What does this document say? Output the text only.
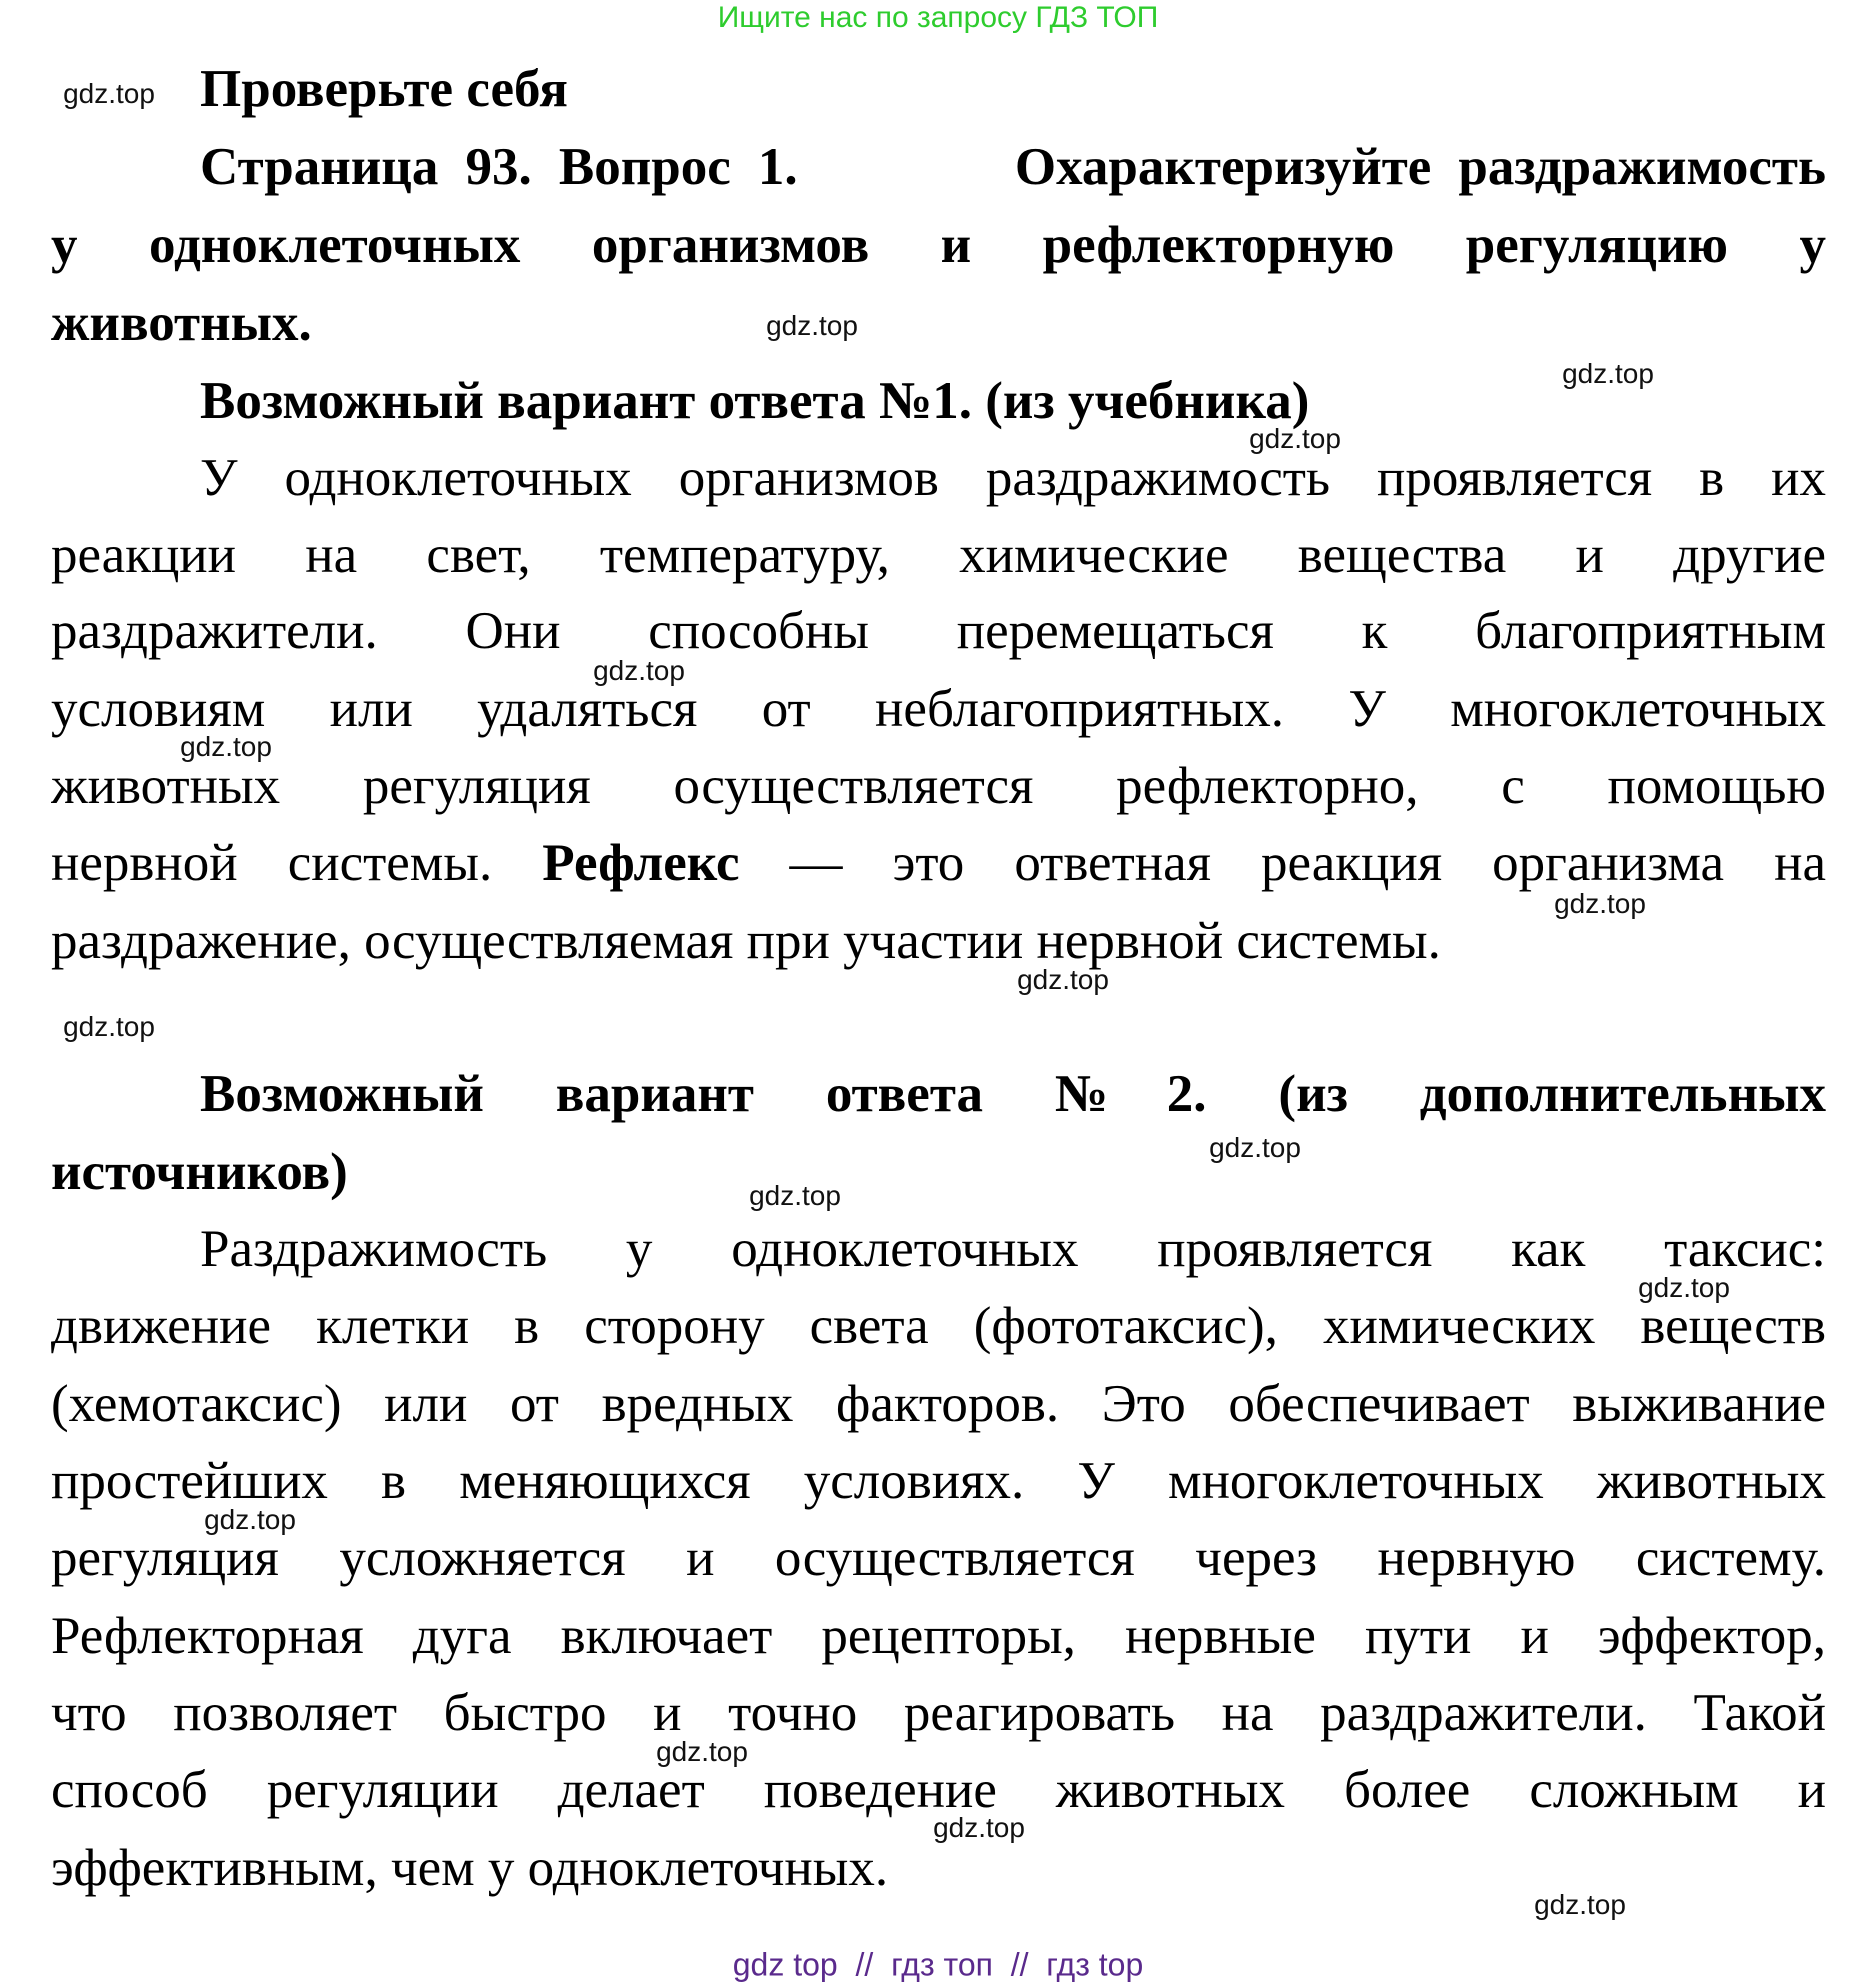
Ищите нас по запросу ГДЗ ТОП
Проверьте себя
Страница 93. Вопрос 1.        Охарактеризуйте раздражимость
у одноклеточных организмов и рефлекторную регуляцию у
животных.
Возможный вариант ответа №1. (из учебника)
У одноклеточных организмов раздражимость проявляется в их
реакции на свет, температуру, химические вещества и другие
раздражители. Они способны перемещаться к благоприятным
условиям или удаляться от неблагоприятных. У многоклеточных
животных регуляция осуществляется рефлекторно, с помощью
нервной системы. Рефлекс — это ответная реакция организма на
раздражение, осуществляемая при участии нервной системы.
Возможный вариант ответа №2. (из дополнительных
источников)
Раздражимость у одноклеточных проявляется как таксис:
движение клетки в сторону света (фототаксис), химических веществ
(хемотаксис) или от вредных факторов. Это обеспечивает выживание
простейших в меняющихся условиях. У многоклеточных животных
регуляция усложняется и осуществляется через нервную систему.
Рефлекторная дуга включает рецепторы, нервные пути и эффектор,
что позволяет быстро и точно реагировать на раздражители. Такой
способ регуляции делает поведение животных более сложным и
эффективным, чем у одноклеточных.
gdz.top
gdz.top
gdz.top
gdz.top
gdz.top
gdz.top
gdz.top
gdz.top
gdz.top
gdz.top
gdz.top
gdz.top
gdz.top
gdz.top
gdz.top
gdz.top
gdz top  //  гдз топ  //  гдз top
